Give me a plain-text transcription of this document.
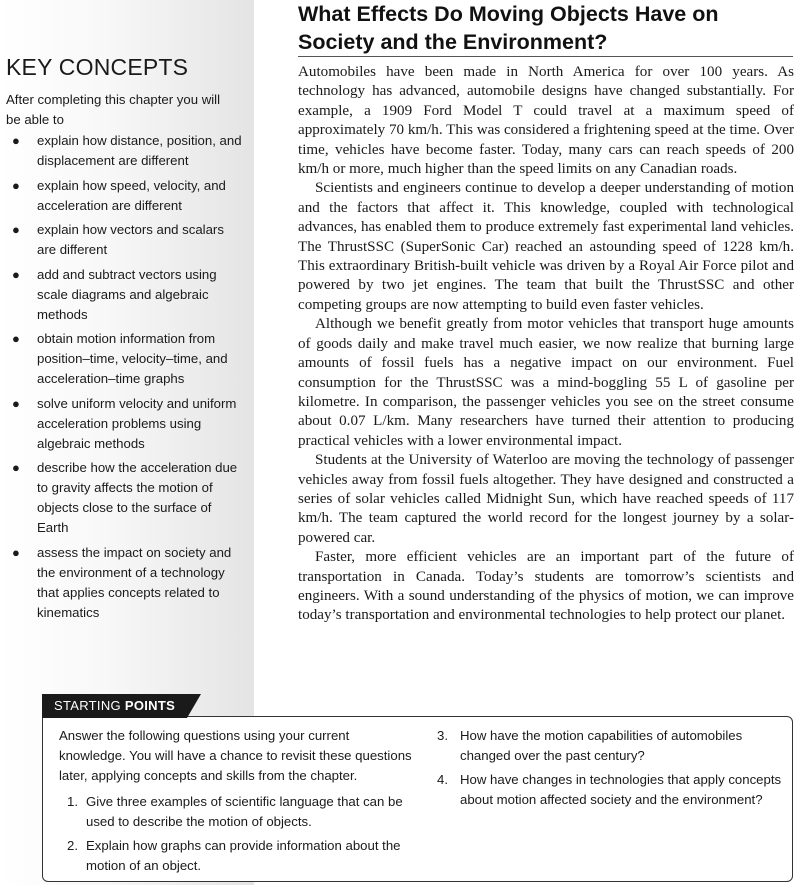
KEY CONCEPTS

After completing this chapter you will be able to

● explain how distance, position, and displacement are different
● explain how speed, velocity, and acceleration are different
● explain how vectors and scalars are different
● add and subtract vectors using scale diagrams and algebraic methods
● obtain motion information from position–time, velocity–time, and acceleration–time graphs
● solve uniform velocity and uniform acceleration problems using algebraic methods
● describe how the acceleration due to gravity affects the motion of objects close to the surface of Earth
● assess the impact on society and the environment of a technology that applies concepts related to kinematics
What Effects Do Moving Objects Have on Society and the Environment?

Automobiles have been made in North America for over 100 years. As technology has advanced, automobile designs have changed substantially. For example, a 1909 Ford Model T could travel at a maximum speed of approximately 70 km/h. This was considered a frightening speed at the time. Over time, vehicles have become faster. Today, many cars can reach speeds of 200 km/h or more, much higher than the speed limits on any Canadian roads.

Scientists and engineers continue to develop a deeper understanding of motion and the factors that affect it. This knowledge, coupled with technological advances, has enabled them to produce extremely fast experimental land vehicles. The ThrustSSC (SuperSonic Car) reached an astounding speed of 1228 km/h. This extraordinary British-built vehicle was driven by a Royal Air Force pilot and powered by two jet engines. The team that built the ThrustSSC and other competing groups are now attempting to build even faster vehicles.

Although we benefit greatly from motor vehicles that transport huge amounts of goods daily and make travel much easier, we now realize that burning large amounts of fossil fuels has a negative impact on our environment. Fuel consumption for the ThrustSSC was a mind-boggling 55 L of gasoline per kilometre. In comparison, the passenger vehicles you see on the street consume about 0.07 L/km. Many researchers have turned their attention to producing practical vehicles with a lower environmental impact.

Students at the University of Waterloo are moving the technology of passenger vehicles away from fossil fuels altogether. They have designed and constructed a series of solar vehicles called Midnight Sun, which have reached speeds of 117 km/h. The team captured the world record for the longest journey by a solar-powered car.

Faster, more efficient vehicles are an important part of the future of transportation in Canada. Today’s students are tomorrow’s scientists and engineers. With a sound understanding of the physics of motion, we can improve today’s transportation and environmental technologies to help protect our planet.

STARTING POINTS

Answer the following questions using your current knowledge. You will have a chance to revisit these questions later, applying concepts and skills from the chapter.

1. Give three examples of scientific language that can be used to describe the motion of objects.
2. Explain how graphs can provide information about the motion of an object.
3. How have the motion capabilities of automobiles changed over the past century?
4. How have changes in technologies that apply concepts about motion affected society and the environment?
